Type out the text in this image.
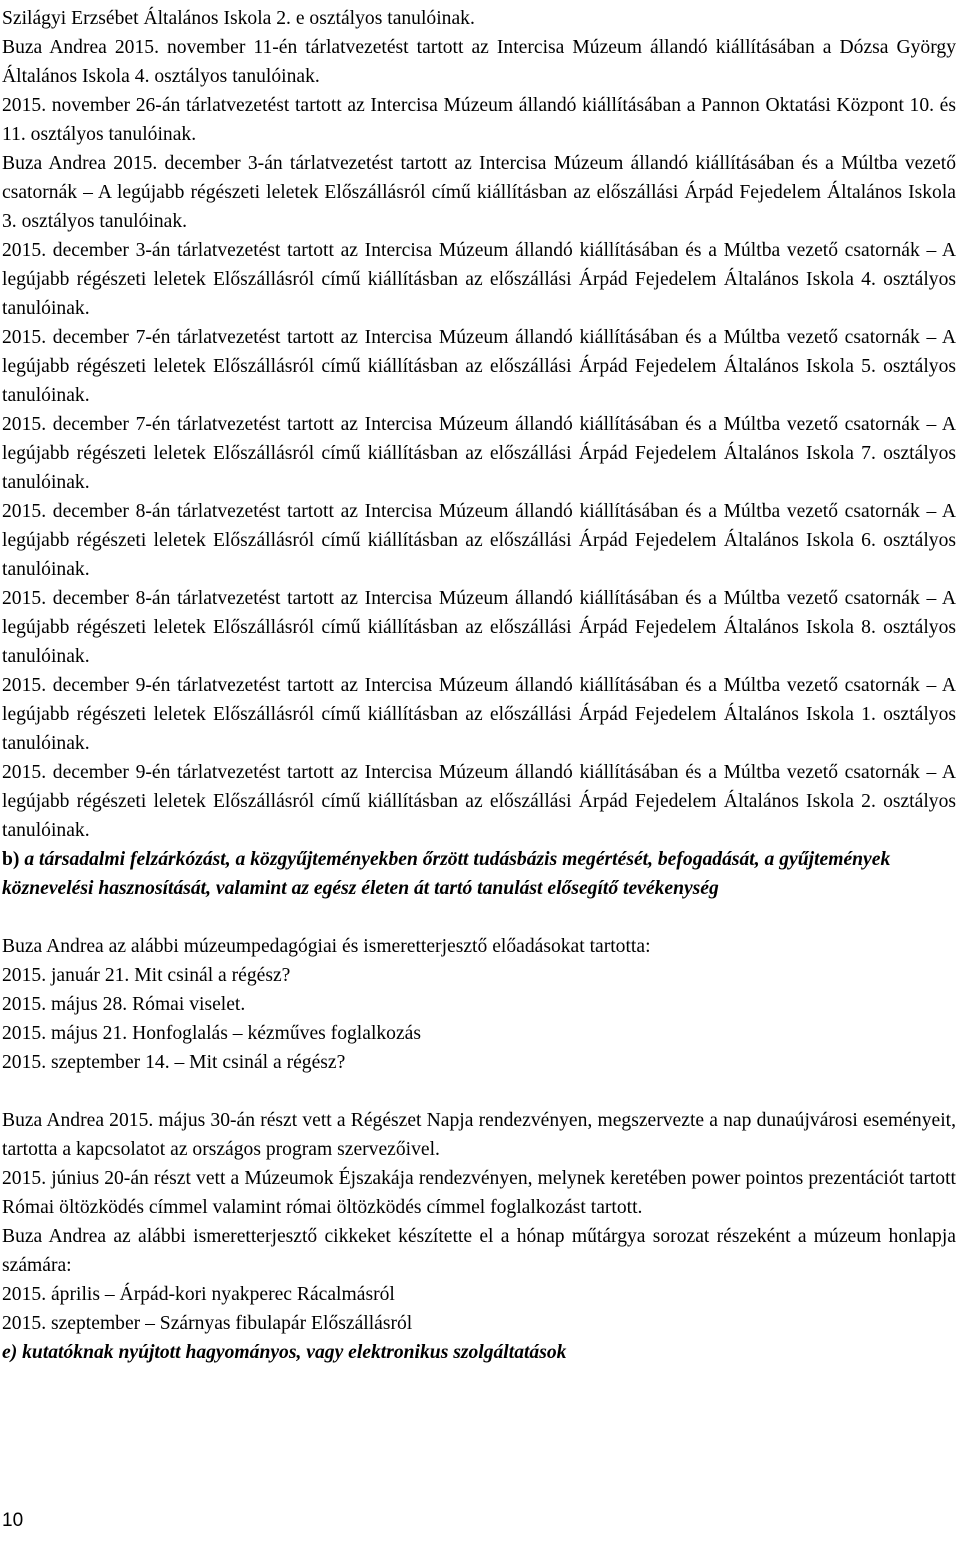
Szilágyi Erzsébet Általános Iskola 2. e osztályos tanulóinak.

Buza Andrea 2015. november 11-én tárlatvezetést tartott az Intercisa Múzeum állandó kiállításában a Dózsa György Általános Iskola 4. osztályos tanulóinak.

2015. november 26-án tárlatvezetést tartott az Intercisa Múzeum állandó kiállításában a Pannon Oktatási Központ 10. és 11. osztályos tanulóinak.

Buza Andrea 2015. december 3-án tárlatvezetést tartott az Intercisa Múzeum állandó kiállításában és a Múltba vezető csatornák – A legújabb régészeti leletek Előszállásról című kiállításban az előszállási Árpád Fejedelem Általános Iskola 3. osztályos tanulóinak.

2015. december 3-án tárlatvezetést tartott az Intercisa Múzeum állandó kiállításában és a Múltba vezető csatornák – A legújabb régészeti leletek Előszállásról című kiállításban az előszállási Árpád Fejedelem Általános Iskola 4. osztályos tanulóinak.

2015. december 7-én tárlatvezetést tartott az Intercisa Múzeum állandó kiállításában és a Múltba vezető csatornák – A legújabb régészeti leletek Előszállásról című kiállításban az előszállási Árpád Fejedelem Általános Iskola 5. osztályos tanulóinak.

2015. december 7-én tárlatvezetést tartott az Intercisa Múzeum állandó kiállításában és a Múltba vezető csatornák – A legújabb régészeti leletek Előszállásról című kiállításban az előszállási Árpád Fejedelem Általános Iskola 7. osztályos tanulóinak.

2015. december 8-án tárlatvezetést tartott az Intercisa Múzeum állandó kiállításában és a Múltba vezető csatornák – A legújabb régészeti leletek Előszállásról című kiállításban az előszállási Árpád Fejedelem Általános Iskola 6. osztályos tanulóinak.

2015. december 8-án tárlatvezetést tartott az Intercisa Múzeum állandó kiállításában és a Múltba vezető csatornák – A legújabb régészeti leletek Előszállásról című kiállításban az előszállási Árpád Fejedelem Általános Iskola 8. osztályos tanulóinak.

2015. december 9-én tárlatvezetést tartott az Intercisa Múzeum állandó kiállításában és a Múltba vezető csatornák – A legújabb régészeti leletek Előszállásról című kiállításban az előszállási Árpád Fejedelem Általános Iskola 1. osztályos tanulóinak.

2015. december 9-én tárlatvezetést tartott az Intercisa Múzeum állandó kiállításában és a Múltba vezető csatornák – A legújabb régészeti leletek Előszállásról című kiállításban az előszállási Árpád Fejedelem Általános Iskola 2. osztályos tanulóinak.

b) a társadalmi felzárkózást, a közgyűjteményekben őrzött tudásbázis megértését, befogadását, a gyűjtemények köznevelési hasznosítását, valamint az egész életen át tartó tanulást elősegítő tevékenység

Buza Andrea az alábbi múzeumpedagógiai és ismeretterjesztő előadásokat tartotta:

2015. január 21. Mit csinál a régész?

2015. május 28. Római viselet.

2015. május 21. Honfoglalás – kézműves foglalkozás

2015. szeptember 14. – Mit csinál a régész?

Buza Andrea 2015. május 30-án részt vett a Régészet Napja rendezvényen, megszervezte a nap dunaújvárosi eseményeit, tartotta a kapcsolatot az országos program szervezőivel.

2015. június 20-án részt vett a Múzeumok Éjszakája rendezvényen, melynek keretében power pointos prezentációt tartott Római öltözködés címmel valamint római öltözködés címmel foglalkozást tartott.

Buza Andrea az alábbi ismeretterjesztő cikkeket készítette el a hónap műtárgya sorozat részeként a múzeum honlapja számára:

2015. április – Árpád-kori nyakperec Rácalmásról

2015. szeptember – Szárnyas fibulapár Előszállásról

e) kutatóknak nyújtott hagyományos, vagy elektronikus szolgáltatások

10
